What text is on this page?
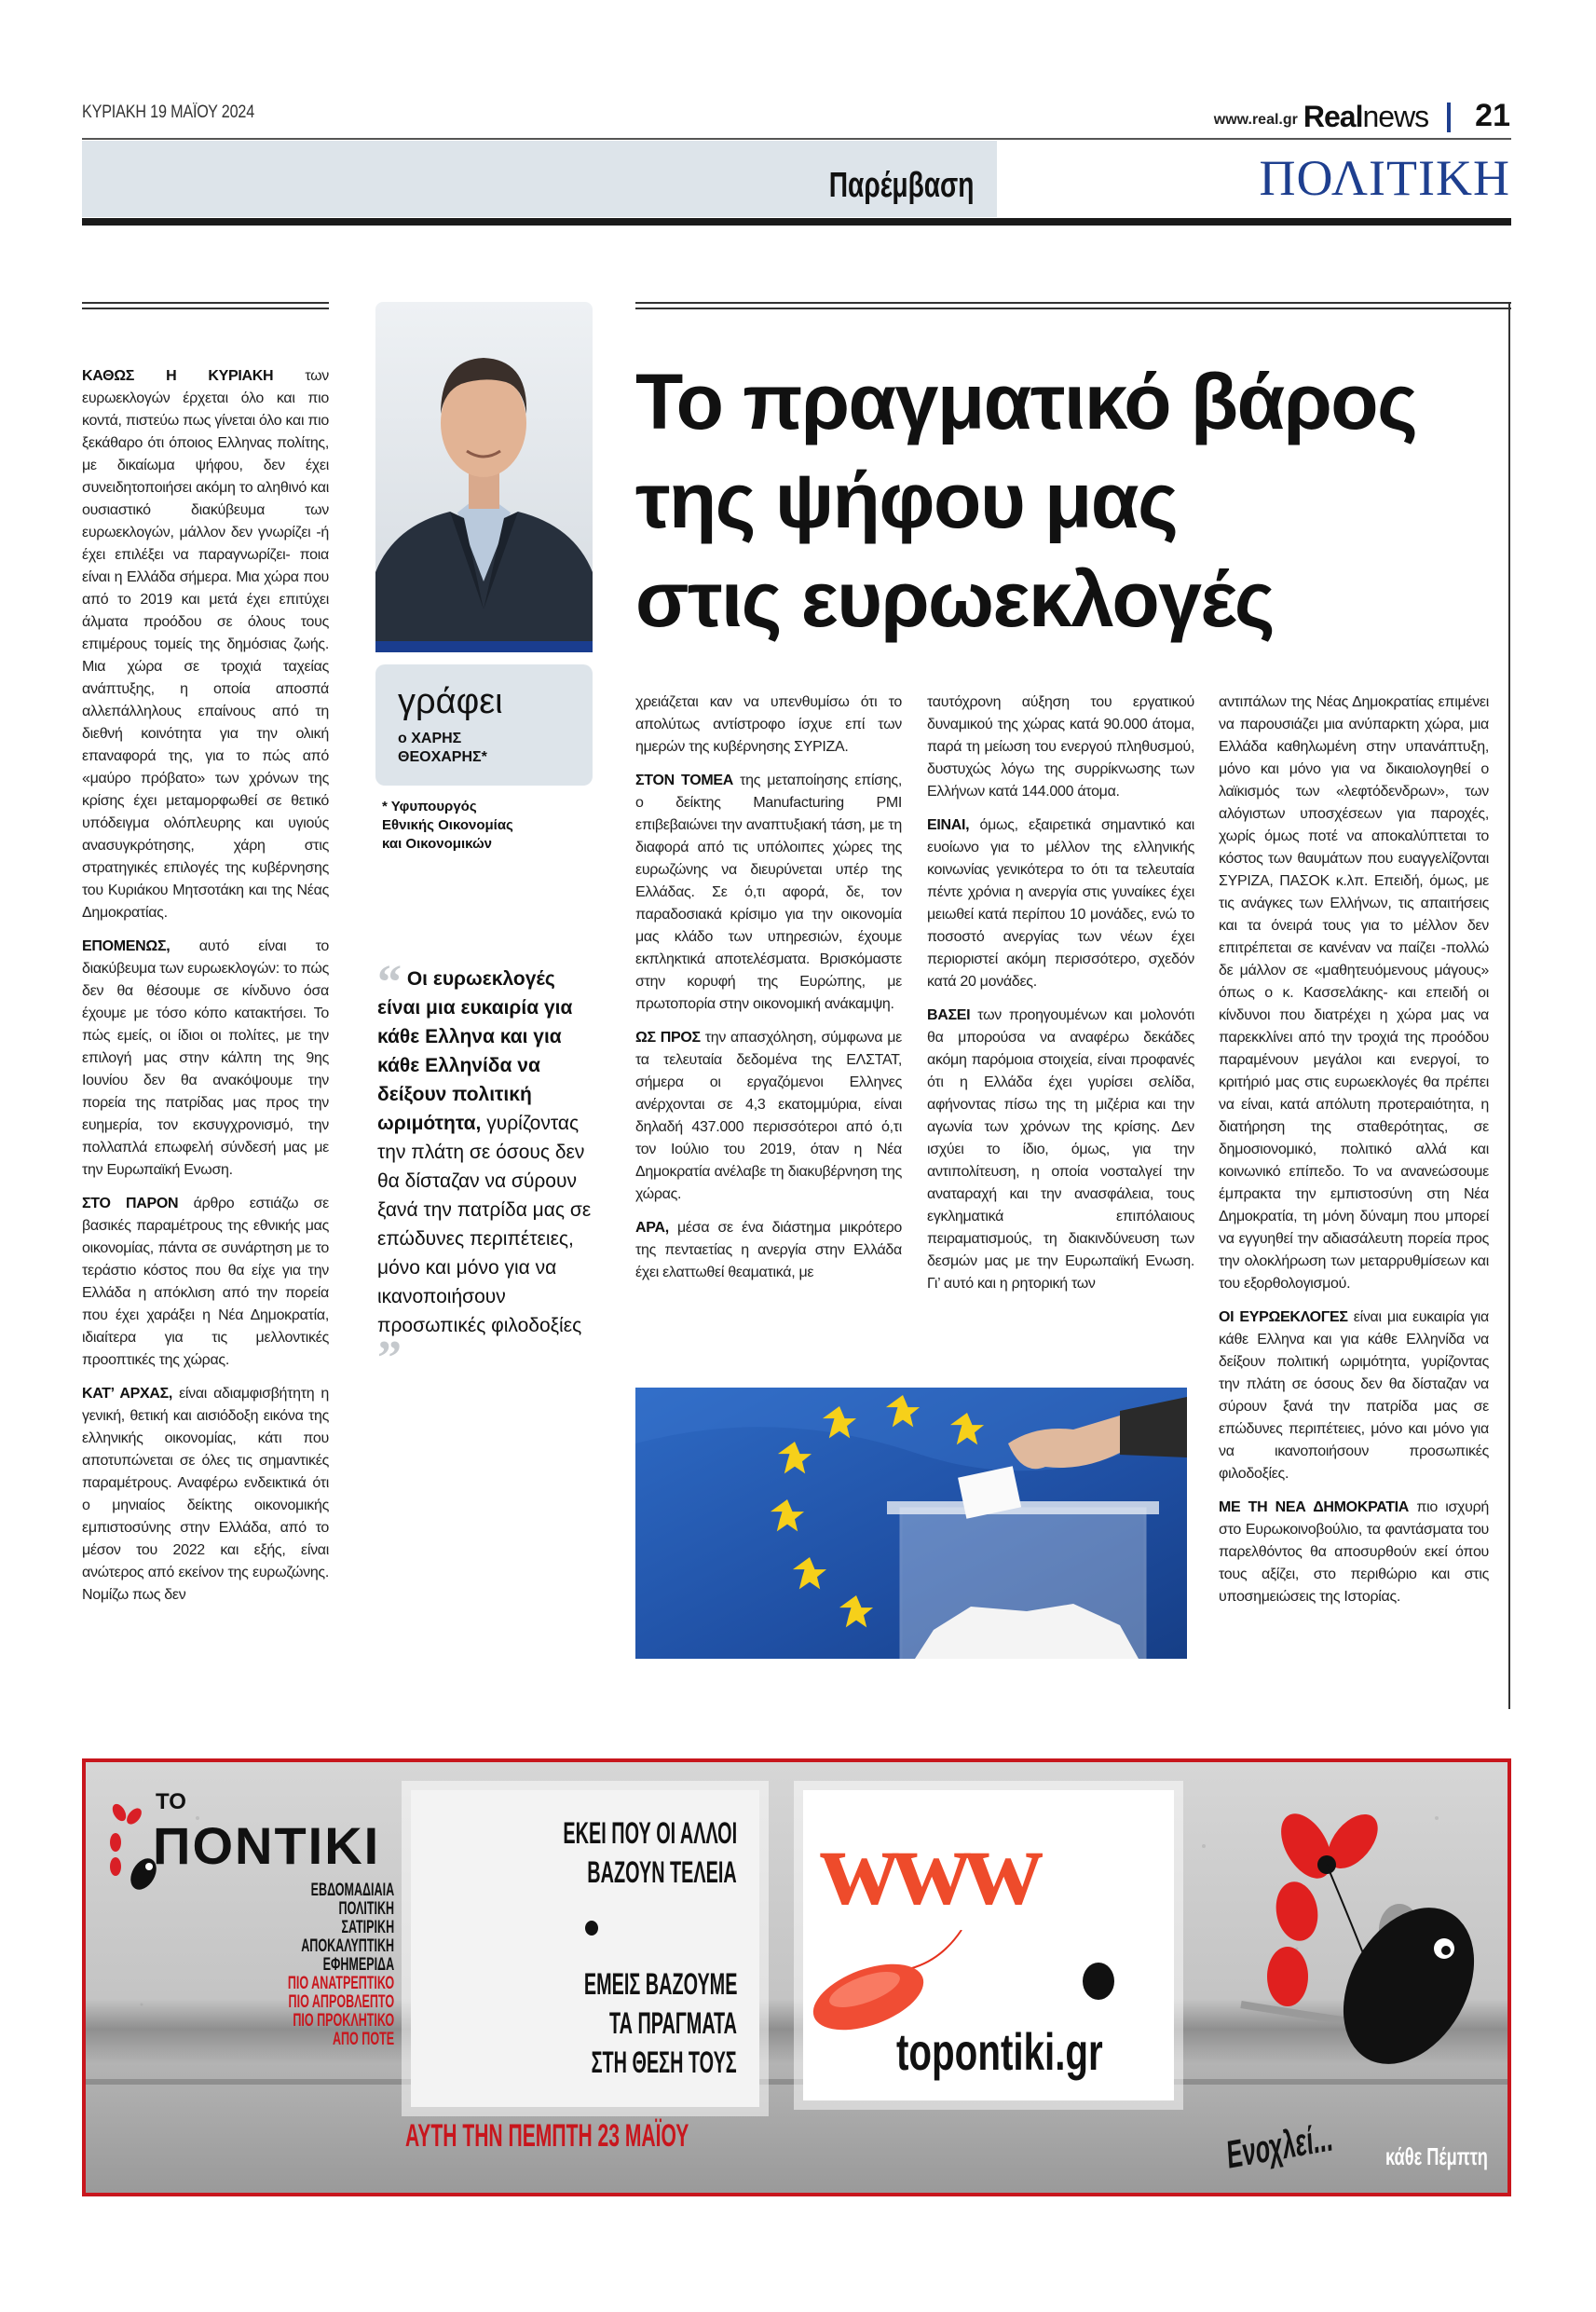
ΚΥΡΙΑΚΗ 19 ΜΑΪΟΥ 2024	www.real.gr Real news 21
Παρέμβαση	ΠΟΛΙΤΙΚΗ

ΚΑΘΩΣ Η ΚΥΡΙΑΚΗ των ευρωεκλογών έρχεται όλο και πιο κοντά, πιστεύω πως γίνεται όλο και πιο ξεκάθαρο ότι όποιος Ελληνας πολίτης, με δικαίωμα ψήφου, δεν έχει συνειδητοποιήσει ακόμη το αληθινό και ουσιαστικό διακύβευμα των ευρωεκλογών, μάλλον δεν γνωρίζει -ή έχει επιλέξει να παραγνωρίζει- ποια είναι η Ελλάδα σήμερα. Μια χώρα που από το 2019 και μετά έχει επιτύχει άλματα προόδου σε όλους τους επιμέρους τομείς της δημόσιας ζωής. Μια χώρα σε τροχιά ταχείας ανάπτυξης, η οποία αποσπά αλλεπάλληλους επαίνους από τη διεθνή κοινότητα για την ολική επαναφορά της, για το πώς από «μαύρο πρόβατο» των χρόνων της κρίσης έχει μεταμορφωθεί σε θετικό υπόδειγμα ολόπλευρης και υγιούς ανασυγκρότησης, χάρη στις στρατηγικές επιλογές της κυβέρνησης του Κυριάκου Μητσοτάκη και της Νέας Δημοκρατίας.

ΕΠΟΜΕΝΩΣ, αυτό είναι το διακύβευμα των ευρωεκλογών: το πώς δεν θα θέσουμε σε κίνδυνο όσα έχουμε με τόσο κόπο κατακτήσει. Το πώς εμείς, οι ίδιοι οι πολίτες, με την επιλογή μας στην κάλπη της 9ης Ιουνίου δεν θα ανακόψουμε την πορεία της πατρίδας μας προς την ευημερία, τον εκσυγχρονισμό, την πολλαπλά επωφελή σύνδεσή μας με την Ευρωπαϊκή Ενωση.

ΣΤΟ ΠΑΡΟΝ άρθρο εστιάζω σε βασικές παραμέτρους της εθνικής μας οικονομίας, πάντα σε συνάρτηση με το τεράστιο κόστος που θα είχε για την Ελλάδα η απόκλιση από την πορεία που έχει χαράξει η Νέα Δημοκρατία, ιδιαίτερα για τις μελλοντικές προοπτικές της χώρας.

ΚΑΤ’ ΑΡΧΑΣ, είναι αδιαμφισβήτητη η γενική, θετική και αισιόδοξη εικόνα της ελληνικής οικονομίας, κάτι που αποτυπώνεται σε όλες τις σημαντικές παραμέτρους. Αναφέρω ενδεικτικά ότι ο μηνιαίος δείκτης οικονομικής εμπιστοσύνης στην Ελλάδα, από το μέσον του 2022 και εξής, είναι ανώτερος από εκείνον της ευρωζώνης. Νομίζω πως δεν

γράφει
ο ΧΑΡΗΣ
ΘΕΟΧΑΡΗΣ*
* Υφυπουργός
Εθνικής Οικονομίας
και Οικονομικών
“ Οι ευρωεκλογές είναι μια ευκαιρία για κάθε Ελληνα και για κάθε Ελληνίδα να δείξουν πολιτική ωριμότητα, γυρίζοντας την πλάτη σε όσους δεν θα δίσταζαν να σύρουν ξανά την πατρίδα μας σε επώδυνες περιπέτειες, μόνο και μόνο για να ικανοποιήσουν προσωπικές φιλοδοξίες ”
Το πραγματικό βάρος
της ψήφου μας
στις ευρωεκλογές

χρειάζεται καν να υπενθυμίσω ότι το απολύτως αντίστροφο ίσχυε επί των ημερών της κυβέρνησης ΣΥΡΙΖΑ.

ΣΤΟΝ ΤΟΜΕΑ της μεταποίησης επίσης, ο δείκτης Manufacturing PMI επιβεβαιώνει την αναπτυξιακή τάση, με τη διαφορά από τις υπόλοιπες χώρες της ευρωζώνης να διευρύνεται υπέρ της Ελλάδας. Σε ό,τι αφορά, δε, τον παραδοσιακά κρίσιμο για την οικονομία μας κλάδο των υπηρεσιών, έχουμε εκπληκτικά αποτελέσματα. Βρισκόμαστε στην κορυφή της Ευρώπης, με πρωτοπορία στην οικονομική ανάκαμψη.

ΩΣ ΠΡΟΣ την απασχόληση, σύμφωνα με τα τελευταία δεδομένα της ΕΛΣΤΑΤ, σήμερα οι εργαζόμενοι Ελληνες ανέρχονται σε 4,3 εκατομμύρια, είναι δηλαδή 437.000 περισσότεροι από ό,τι τον Ιούλιο του 2019, όταν η Νέα Δημοκρατία ανέλαβε τη διακυβέρνηση της χώρας.

ΑΡΑ, μέσα σε ένα διάστημα μικρότερο της πενταετίας η ανεργία στην Ελλάδα έχει ελαττωθεί θεαματικά, με

ταυτόχρονη αύξηση του εργατικού δυναμικού της χώρας κατά 90.000 άτομα, παρά τη μείωση του ενεργού πληθυσμού, δυστυχώς λόγω της συρρίκνωσης των Ελλήνων κατά 144.000 άτομα.

ΕΙΝΑΙ, όμως, εξαιρετικά σημαντικό και ευοίωνο για το μέλλον της ελληνικής κοινωνίας γενικότερα το ότι τα τελευταία πέντε χρόνια η ανεργία στις γυναίκες έχει μειωθεί κατά περίπου 10 μονάδες, ενώ το ποσοστό ανεργίας των νέων έχει περιοριστεί ακόμη περισσότερο, σχεδόν κατά 20 μονάδες.

ΒΑΣΕΙ των προηγουμένων και μολονότι θα μπορούσα να αναφέρω δεκάδες ακόμη παρόμοια στοιχεία, είναι προφανές ότι η Ελλάδα έχει γυρίσει σελίδα, αφήνοντας πίσω της τη μιζέρια και την αγωνία των χρόνων της κρίσης. Δεν ισχύει το ίδιο, όμως, για την αντιπολίτευση, η οποία νοσταλγεί την αναταραχή και την ανασφάλεια, τους εγκληματικά επιπόλαιους πειραματισμούς, τη διακινδύνευση των δεσμών μας με την Ευρωπαϊκή Ενωση. Γι’ αυτό και η ρητορική των

αντιπάλων της Νέας Δημοκρατίας επιμένει να παρουσιάζει μια ανύπαρκτη χώρα, μια Ελλάδα καθηλωμένη στην υπανάπτυξη, μόνο και μόνο για να δικαιολογηθεί ο λαϊκισμός των «λεφτόδενδρων», των αλόγιστων υποσχέσεων για παροχές, χωρίς όμως ποτέ να αποκαλύπτεται το κόστος των θαυμάτων που ευαγγελίζονται ΣΥΡΙΖΑ, ΠΑΣΟΚ κ.λπ. Επειδή, όμως, με τις ανάγκες των Ελλήνων, τις απαιτήσεις και τα όνειρά τους για το μέλλον δεν επιτρέπεται σε κανέναν να παίζει -πολλώ δε μάλλον σε «μαθητευόμενους μάγους» όπως ο κ. Κασσελάκης- και επειδή οι κίνδυνοι που διατρέχει η χώρα μας να παρεκκλίνει από την τροχιά της προόδου παραμένουν μεγάλοι και ενεργοί, το κριτήριό μας στις ευρωεκλογές θα πρέπει να είναι, κατά απόλυτη προτεραιότητα, η διατήρηση της σταθερότητας, σε δημοσιονομικό, πολιτικό αλλά και κοινωνικό επίπεδο. Το να ανανεώσουμε έμπρακτα την εμπιστοσύνη στη Νέα Δημοκρατία, τη μόνη δύναμη που μπορεί να εγγυηθεί την αδιασάλευτη πορεία προς την ολοκλήρωση των μεταρρυθμίσεων και του εξορθολογισμού.

ΟΙ ΕΥΡΩΕΚΛΟΓΕΣ είναι μια ευκαιρία για κάθε Ελληνα και για κάθε Ελληνίδα να δείξουν πολιτική ωριμότητα, γυρίζοντας την πλάτη σε όσους δεν θα δίσταζαν να σύρουν ξανά την πατρίδα μας σε επώδυνες περιπέτειες, μόνο και μόνο για να ικανοποιήσουν προσωπικές φιλοδοξίες.

ΜΕ ΤΗ ΝΕΑ ΔΗΜΟΚΡΑΤΙΑ πιο ισχυρή στο Ευρωκοινοβούλιο, τα φαντάσματα του παρελθόντος θα αποσυρθούν εκεί όπου τους αξίζει, στο περιθώριο και στις υποσημειώσεις της Ιστορίας.

ΤΟ
ΠΟΝΤΙΚΙ
ΕΒΔΟΜΑΔΙΑΙΑ
ΠΟΛΙΤΙΚΗ
ΣΑΤΙΡΙΚΗ
ΑΠΟΚΑΛΥΠΤΙΚΗ
ΕΦΗΜΕΡΙΔΑ
ΠΙΟ ΑΝΑΤΡΕΠΤΙΚΟ
ΠΙΟ ΑΠΡΟΒΛΕΠΤΟ
ΠΙΟ ΠΡΟΚΛΗΤΙΚΟ
ΑΠΟ ΠΟΤΕ
ΕΚΕΙ ΠΟΥ ΟΙ ΑΛΛΟΙ
ΒΑΖΟΥΝ ΤΕΛΕΙΑ
ΕΜΕΙΣ ΒΑΖΟΥΜΕ
ΤΑ ΠΡΑΓΜΑΤΑ
ΣΤΗ ΘΕΣΗ ΤΟΥΣ
www
topontiki.gr
ΑΥΤΗ ΤΗΝ ΠΕΜΠΤΗ 23 ΜΑΪΟΥ	Ενοχλεί... κάθε Πέμπτη
